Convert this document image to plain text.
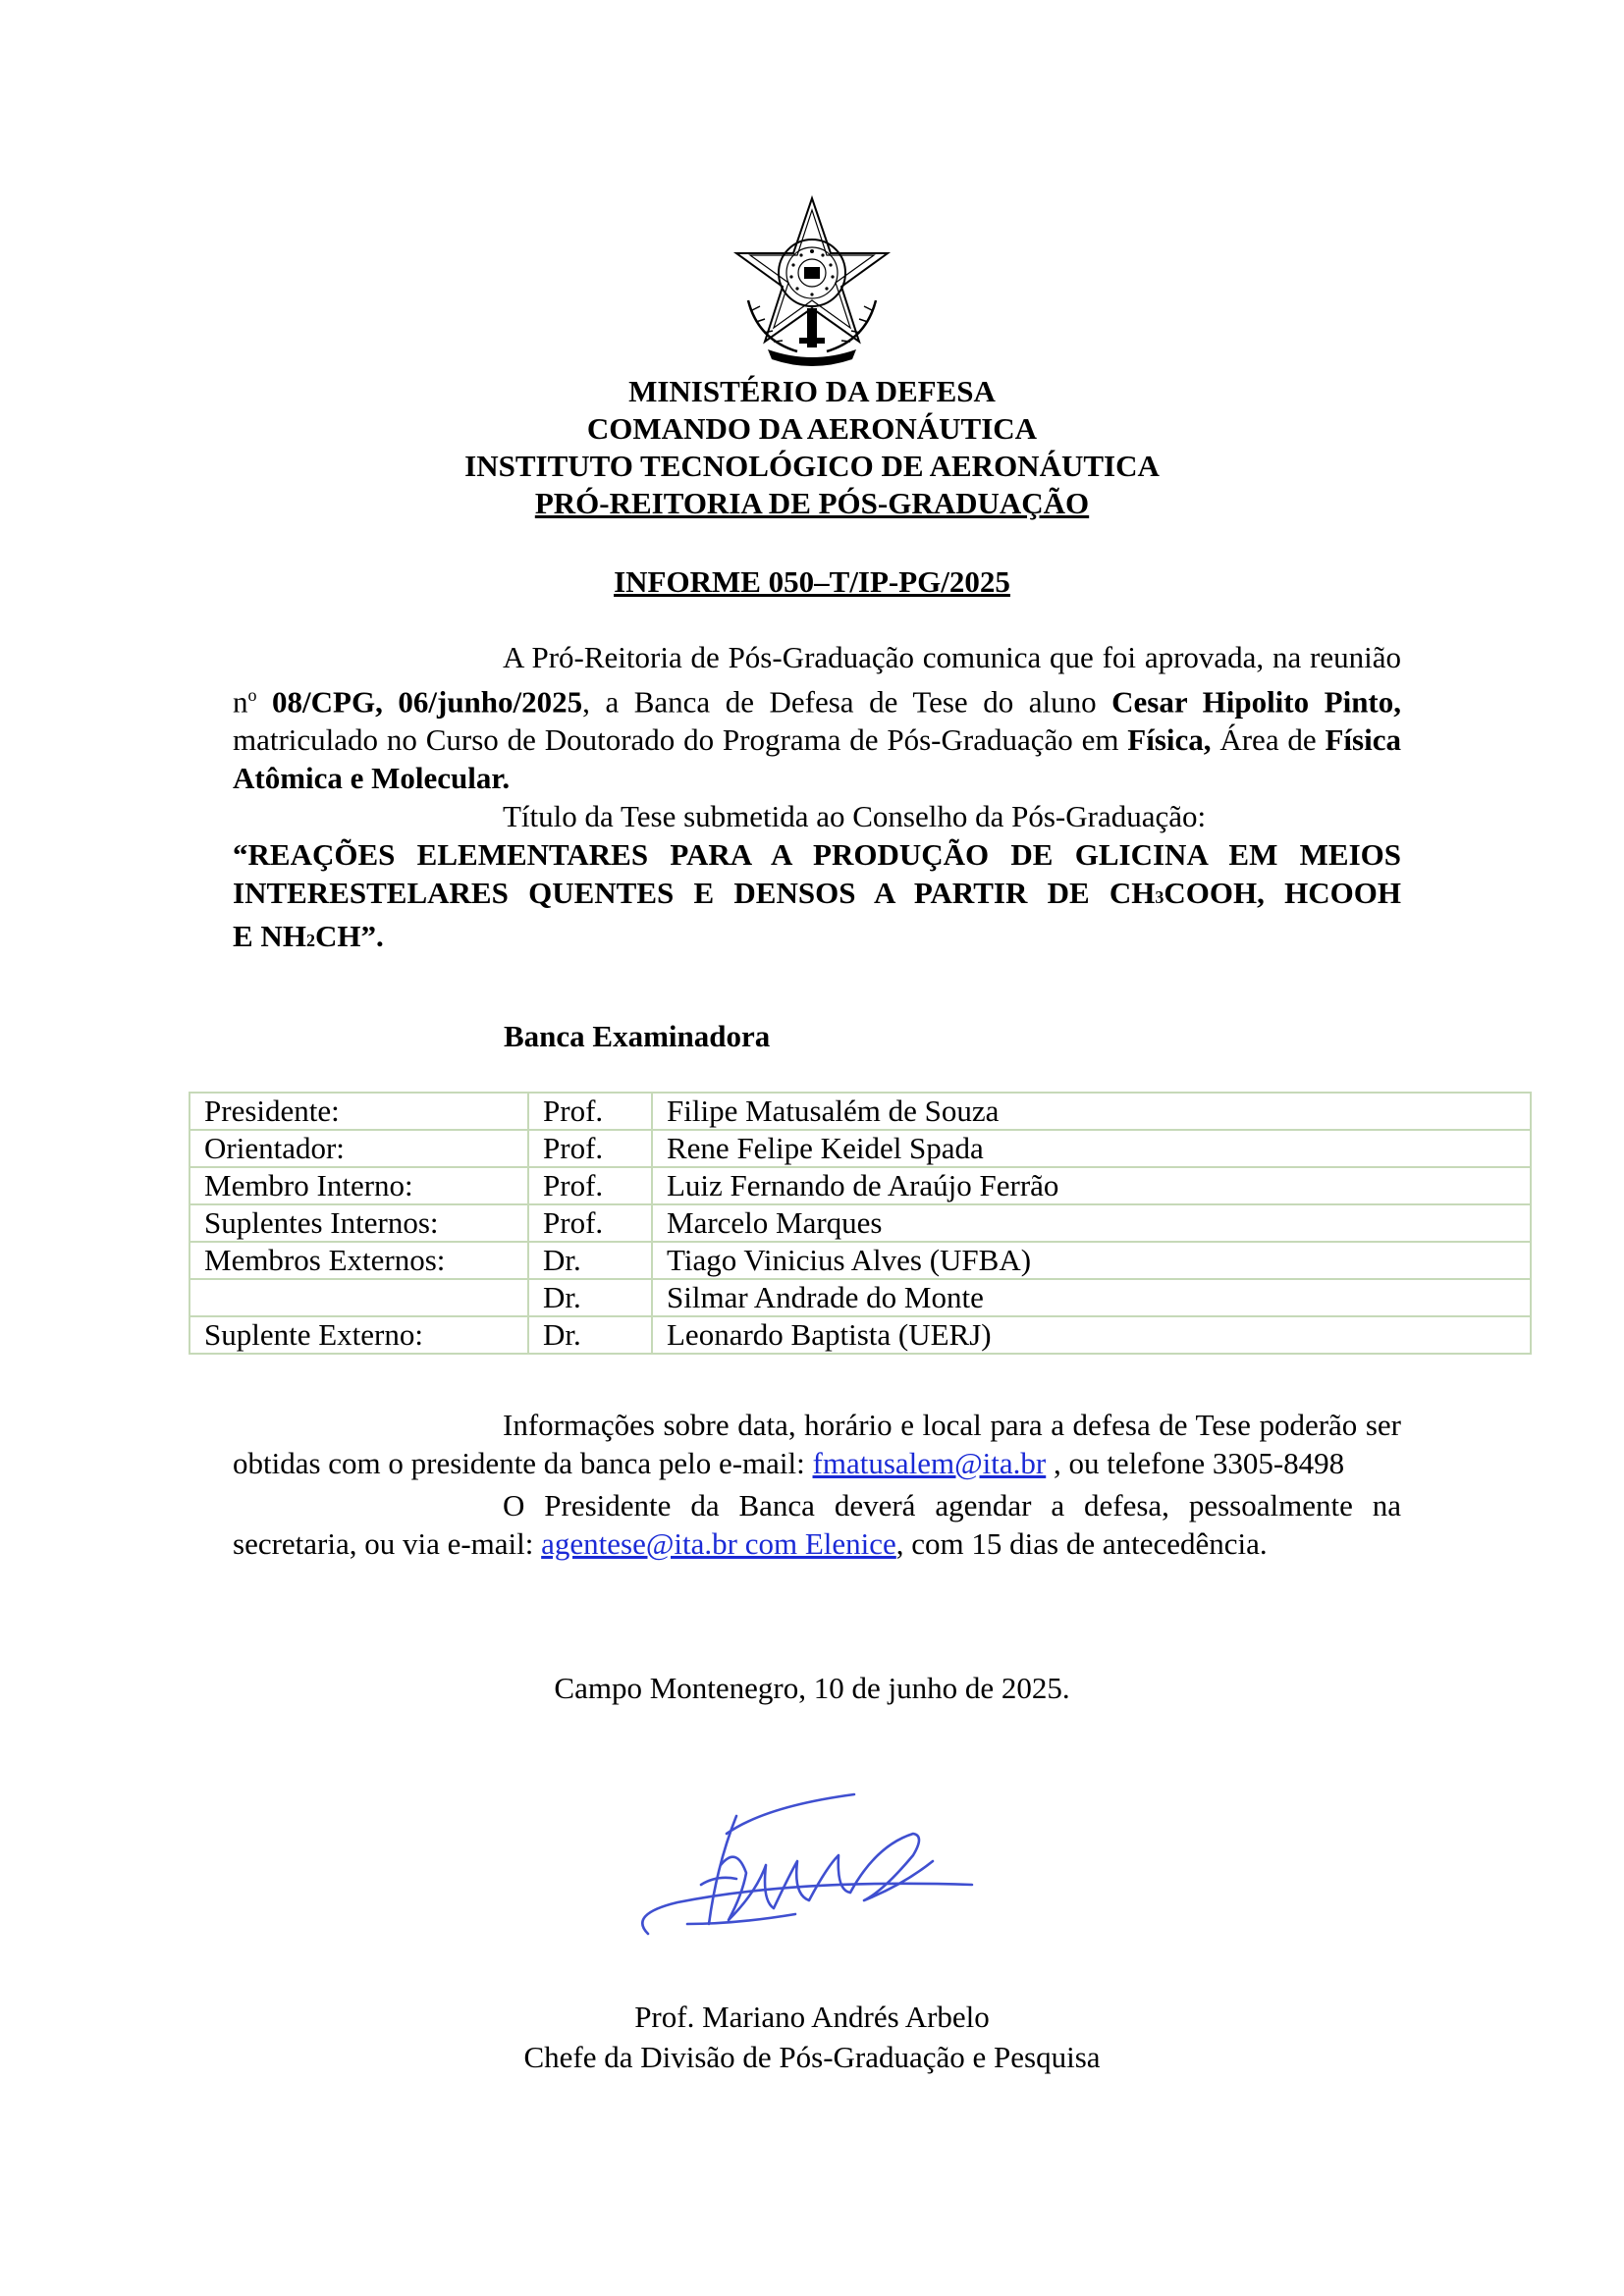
MINISTÉRIO DA DEFESA
COMANDO DA AERONÁUTICA
INSTITUTO TECNOLÓGICO DE AERONÁUTICA
PRÓ-REITORIA DE PÓS-GRADUAÇÃO
INFORME 050–T/IP-PG/2025

A Pró-Reitoria de Pós-Graduação comunica que foi aprovada, na reunião $n^o$ 08/CPG, 06/junho/2025, a Banca de Defesa de Tese do aluno Cesar Hipolito Pinto, matriculado no Curso de Doutorado do Programa de Pós-Graduação em Física, Área de Física Atômica e Molecular.

Título da Tese submetida ao Conselho da Pós-Graduação:

“REAÇÕES ELEMENTARES PARA A PRODUÇÃO DE GLICINA EM MEIOS
INTERESTELARES QUENTES E DENSOS A PARTIR DE CH3COOH, HCOOH
E NH2CH”.
Banca Examinadora
Presidente:	Prof.	Filipe Matusalém de Souza
Orientador:	Prof.	Rene Felipe Keidel Spada
Membro Interno:	Prof.	Luiz Fernando de Araújo Ferrão
Suplentes Internos:	Prof.	Marcelo Marques
Membros Externos:	Dr.	Tiago Vinicius Alves (UFBA)
	Dr.	Silmar Andrade do Monte
Suplente Externo:	Dr.	Leonardo Baptista (UERJ)

Informações sobre data, horário e local para a defesa de Tese poderão ser obtidas com o presidente da banca pelo e-mail: fmatusalem@ita.br , ou telefone 3305-8498

O Presidente da Banca deverá agendar a defesa, pessoalmente na secretaria, ou via e-mail: agentese@ita.br com Elenice, com 15 dias de antecedência.

Campo Montenegro, 10 de junho de 2025.
Prof. Mariano Andrés Arbelo
Chefe da Divisão de Pós-Graduação e Pesquisa
